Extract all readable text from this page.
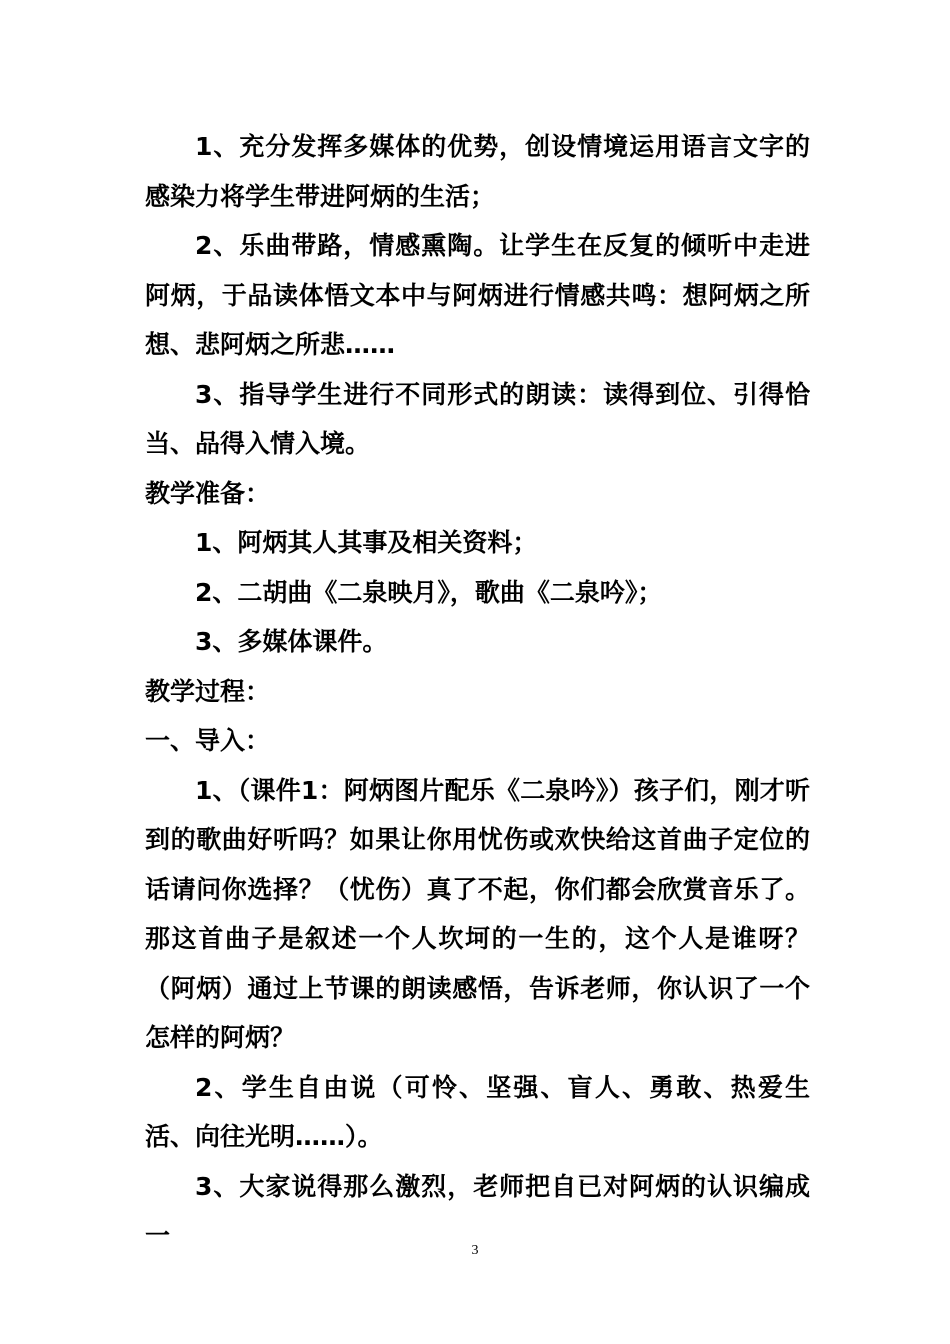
1、充分发挥多媒体的优势，创设情境运用语言文字的感染力将学生带进阿炳的生活；

2、乐曲带路，情感熏陶。让学生在反复的倾听中走进阿炳，于品读体悟文本中与阿炳进行情感共鸣：想阿炳之所想、悲阿炳之所悲……

3、指导学生进行不同形式的朗读：读得到位、引得恰当、品得入情入境。

教学准备：

1、阿炳其人其事及相关资料；

2、二胡曲《二泉映月》，歌曲《二泉吟》；

3、多媒体课件。

教学过程：

一、导入：

1、（课件1：阿炳图片配乐《二泉吟》）孩子们，刚才听到的歌曲好听吗？如果让你用忧伤或欢快给这首曲子定位的话请问你选择？（忧伤）真了不起，你们都会欣赏音乐了。那这首曲子是叙述一个人坎坷的一生的，这个人是谁呀？（阿炳）通过上节课的朗读感悟，告诉老师，你认识了一个怎样的阿炳？

2、学生自由说（可怜、坚强、盲人、勇敢、热爱生活、向往光明……）。

3、大家说得那么激烈，老师把自已对阿炳的认识编成一

3
